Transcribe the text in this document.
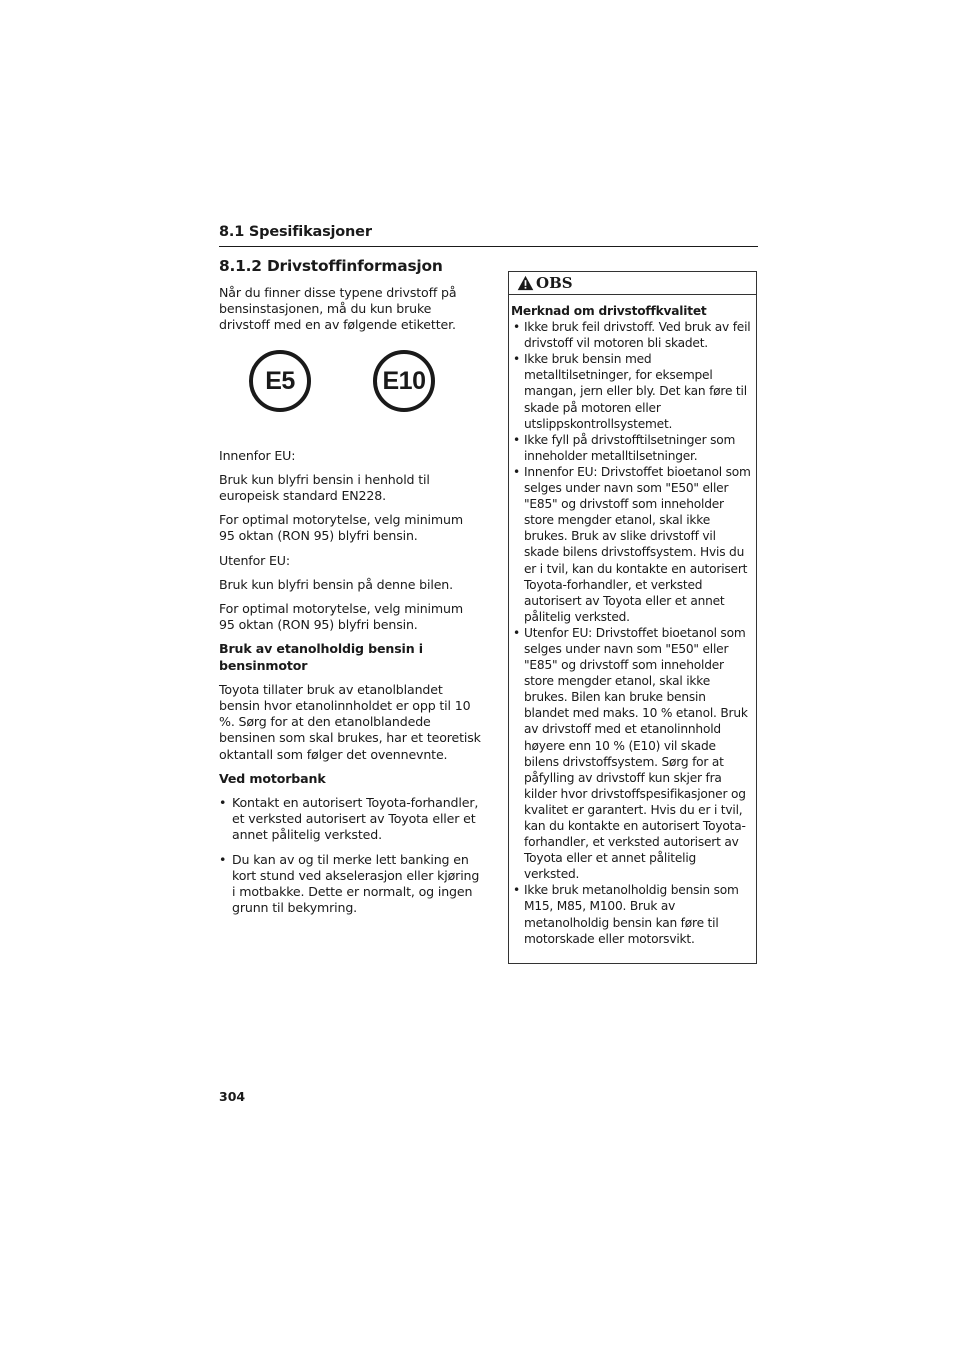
8.1 Spesifikasjoner
8.1.2 Drivstoffinformasjon

Når du finner disse typene drivstoff på bensinstasjonen, må du kun bruke drivstoff med en av følgende etiketter.

E5	E10

Innenfor EU:

Bruk kun blyfri bensin i henhold til europeisk standard EN228.

For optimal motorytelse, velg minimum 95 oktan (RON 95) blyfri bensin.

Utenfor EU:

Bruk kun blyfri bensin på denne bilen.

For optimal motorytelse, velg minimum 95 oktan (RON 95) blyfri bensin.

Bruk av etanolholdig bensin i bensinmotor

Toyota tillater bruk av etanolblandet bensin hvor etanolinnholdet er opp til 10 %. Sørg for at den etanolblandede bensinen som skal brukes, har et teoretisk oktantall som følger det ovennevnte.

Ved motorbank

• Kontakt en autorisert Toyota-forhandler, et verksted autorisert av Toyota eller et annet pålitelig verksted.
• Du kan av og til merke lett banking en kort stund ved akselerasjon eller kjøring i motbakke. Dette er normalt, og ingen grunn til bekymring.
OBS
Merknad om drivstoffkvalitet
• Ikke bruk feil drivstoff. Ved bruk av feil drivstoff vil motoren bli skadet.
• Ikke bruk bensin med metalltilsetninger, for eksempel mangan, jern eller bly. Det kan føre til skade på motoren eller utslippskontrollsystemet.
• Ikke fyll på drivstofftilsetninger som inneholder metalltilsetninger.
• Innenfor EU: Drivstoffet bioetanol som selges under navn som "E50" eller "E85" og drivstoff som inneholder store mengder etanol, skal ikke brukes. Bruk av slike drivstoff vil skade bilens drivstoffsystem. Hvis du er i tvil, kan du kontakte en autorisert Toyota-forhandler, et verksted autorisert av Toyota eller et annet pålitelig verksted.
• Utenfor EU: Drivstoffet bioetanol som selges under navn som "E50" eller "E85" og drivstoff som inneholder store mengder etanol, skal ikke brukes. Bilen kan bruke bensin blandet med maks. 10 % etanol. Bruk av drivstoff med et etanolinnhold høyere enn 10 % (E10) vil skade bilens drivstoffsystem. Sørg for at påfylling av drivstoff kun skjer fra kilder hvor drivstoffspesifikasjoner og kvalitet er garantert. Hvis du er i tvil, kan du kontakte en autorisert Toyota-forhandler, et verksted autorisert av Toyota eller et annet pålitelig verksted.
• Ikke bruk metanolholdig bensin som M15, M85, M100. Bruk av metanolholdig bensin kan føre til motorskade eller motorsvikt.
304
